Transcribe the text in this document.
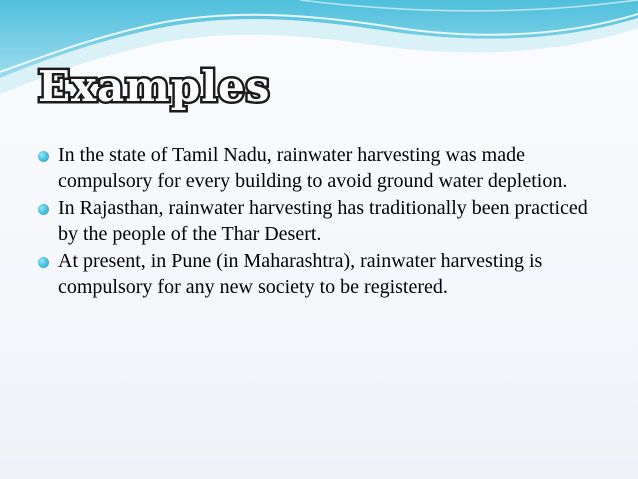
Examples
In the state of Tamil Nadu, rainwater harvesting was made compulsory for every building to avoid ground water depletion.
In Rajasthan, rainwater harvesting has traditionally been practiced by the people of the Thar Desert.
At present, in Pune (in Maharashtra), rainwater harvesting is compulsory for any new society to be registered.
